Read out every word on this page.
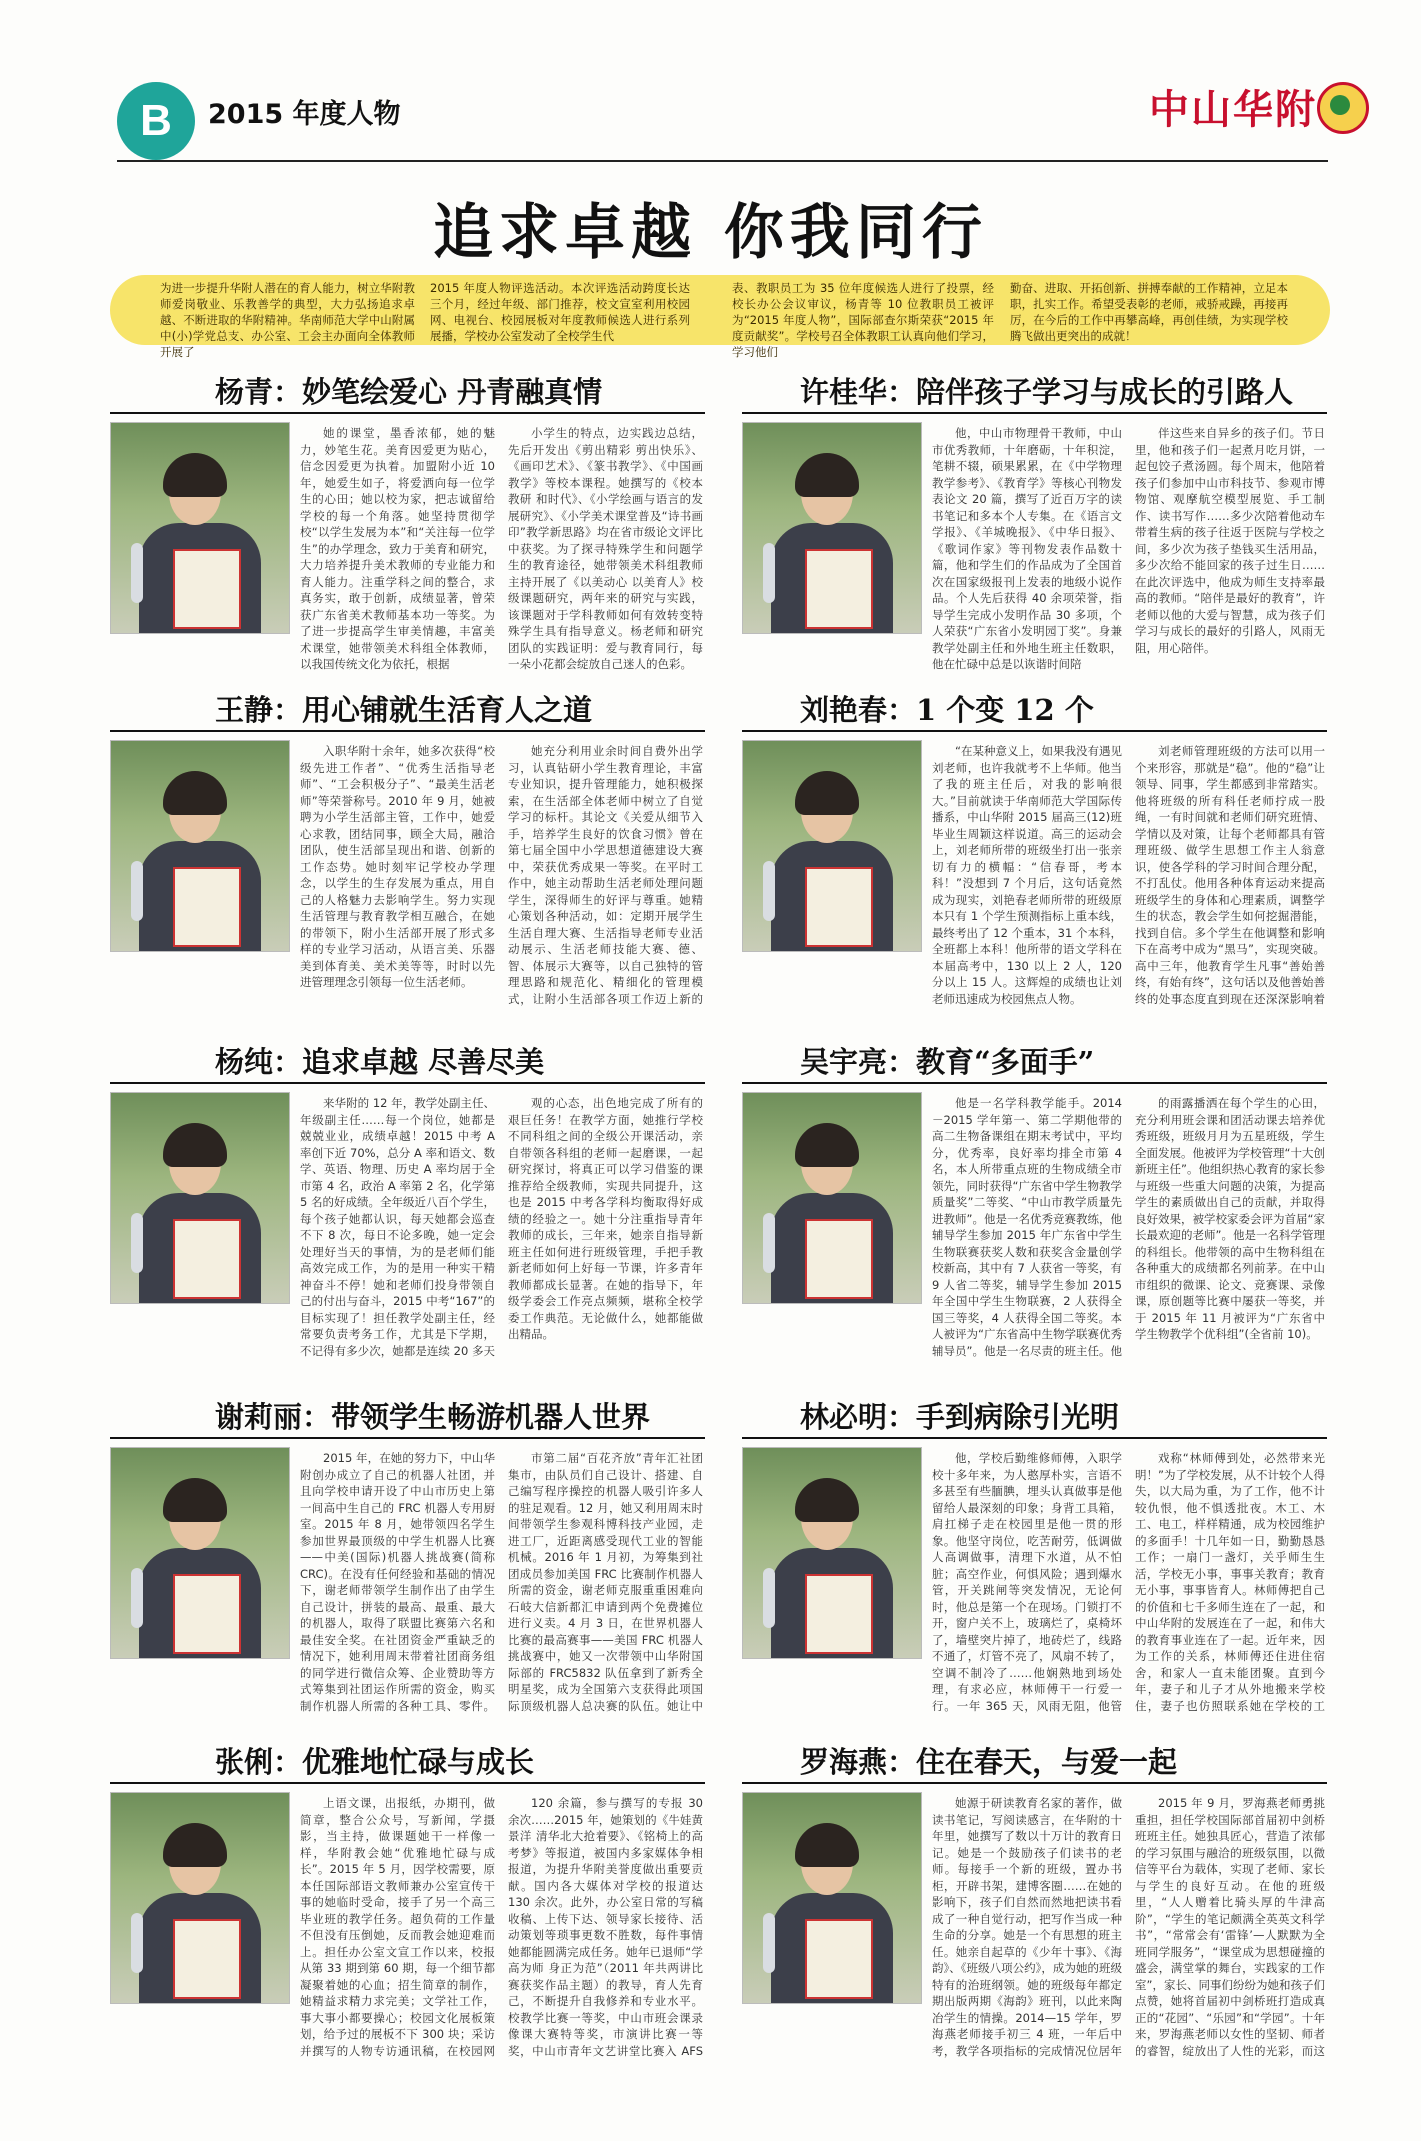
B	2015 年度人物	中山华附
追求卓越 你我同行
为进一步提升华附人潜在的育人能力，树立华附教师爱岗敬业、乐教善学的典型，大力弘扬追求卓越、不断进取的华附精神。华南师范大学中山附属中(小)学党总支、办公室、工会主办面向全体教师开展了
2015 年度人物评选活动。本次评选活动跨度长达三个月，经过年级、部门推荐，校文宣室利用校园网、电视台、校园展板对年度教师候选人进行系列展播，学校办公室发动了全校学生代
表、教职员工为 35 位年度候选人进行了投票，经校长办公会议审议，杨青等 10 位教职员工被评为“2015 年度人物”，国际部查尔斯荣获“2015 年度贡献奖”。学校号召全体教职工认真向他们学习，学习他们
勤奋、进取、开拓创新、拼搏奉献的工作精神，立足本职，扎实工作。希望受表彰的老师，戒骄戒躁，再接再厉，在今后的工作中再攀高峰，再创佳绩，为实现学校腾飞做出更突出的成就！
杨青：妙笔绘爱心 丹青融真情
她的课堂，墨香浓郁，她的魅力，妙笔生花。美育因爱更为贴心，信念因爱更为执着。加盟附小近 10 年，她爱生如子，将爱洒向每一位学生的心田；她以校为家，把志诚留给学校的每一个角落。她坚持贯彻学校“以学生发展为本”和“关注每一位学生”的办学理念，致力于美育和研究，大力培养提升美术教师的专业能力和育人能力。注重学科之间的整合，求真务实，敢于创新，成绩显著，曾荣获广东省美术教师基本功一等奖。为了进一步提高学生审美情趣，丰富美术课堂，她带领美术科组全体教师，以我国传统文化为依托，根据
小学生的特点，边实践边总结，先后开发出《剪出精彩 剪出快乐》、《画印艺术》、《篆书教学》、《中国画教学》等校本课程。她撰写的《校本教研 和时代》、《小学绘画与语言的发展研究》、《小学美术课堂普及“诗书画印”教学新思路》均在省市级论文评比中获奖。为了探寻特殊学生和问题学生的教育途径，她带领美术科组教师主持开展了《以美动心 以美育人》校级课题研究，两年来的研究与实践，该课题对于学科教师如何有效转变特殊学生具有指导意义。杨老师和研究团队的实践证明：爱与教育同行，每一朵小花都会绽放自己迷人的色彩。
许桂华：陪伴孩子学习与成长的引路人
他，中山市物理骨干教师，中山市优秀教师，十年磨砺，十年积淀，笔耕不辍，硕果累累，在《中学物理教学参考》、《教育学》等核心刊物发表论文 20 篇，撰写了近百万字的读书笔记和多本个人专集。在《语言文学报》、《羊城晚报》、《中华日报》、《歌词作家》等刊物发表作品数十篇，他和学生们的作品成为了全国首次在国家级报刊上发表的地级小说作品。个人先后获得 40 余项荣誉，指导学生完成小发明作品 30 多项，个人荣获“广东省小发明园丁奖”。身兼教学处副主任和外地生班主任数职，他在忙碌中总是以诙谐时间陪
伴这些来自异乡的孩子们。节日里，他和孩子们一起煮月吃月饼，一起包饺子煮汤圆。每个周末，他陪着孩子们参加中山市科技节、参观市博物馆、观摩航空模型展览、手工制作、读书写作……多少次陪着他动车带着生病的孩子往返于医院与学校之间，多少次为孩子垫钱买生活用品，多少次给不能回家的孩子过生日……在此次评选中，他成为师生支持率最高的教师。“陪伴是最好的教育”，许老师以他的大爱与智慧，成为孩子们学习与成长的最好的引路人，风雨无阻，用心陪伴。
王静：用心铺就生活育人之道
入职华附十余年，她多次获得“校级先进工作者”、“优秀生活指导老师”、“工会积极分子”、“最美生活老师”等荣誉称号。2010 年 9 月，她被聘为小学生活部主管，工作中，她爱心求教，团结同事，顾全大局，融洽团队，使生活部呈现出和谐、创新的工作态势。她时刻牢记学校办学理念，以学生的生存发展为重点，用自己的人格魅力去影响学生。努力实现生活管理与教育教学相互融合，在她的带领下，附小生活部开展了形式多样的专业学习活动，从语言美、乐器美到体育美、美术美等等，时时以先进管理理念引领每一位生活老师。
她充分利用业余时间自费外出学习，认真钻研小学生教育理论，丰富专业知识，提升管理能力，她积极探索，在生活部全体老师中树立了自觉学习的标杆。其论文《关爱从细节入手，培养学生良好的饮食习惯》曾在第七届全国中小学思想道德建设大赛中，荣获优秀成果一等奖。在平时工作中，她主动帮助生活老师处理问题学生，深得师生的好评与尊重。她精心策划各种活动，如：定期开展学生生活自理大赛、生活指导老师专业活动展示、生活老师技能大赛、德、智、体展示大赛等，以自己独特的管理思路和规范化、精细化的管理模式，让附小生活部各项工作迈上新的
刘艳春：1 个变 12 个
“在某种意义上，如果我没有遇见刘老师，也许我就考不上华师。他当了我的班主任后，对我的影响很大。”目前就读于华南师范大学国际传播系，中山华附 2015 届高三(12)班毕业生周颖这样说道。高三的运动会上，刘老师所带的班级坐打出一张亲切有力的横幅：“信春哥，考本科！”没想到 7 个月后，这句话竟然成为现实，刘艳春老师所带的班级原本只有 1 个学生预测指标上重本线，最终考出了 12 个重本，31 个本科，全班都上本科！他所带的语文学科在本届高考中，130 以上 2 人，120 分以上 15 人。这辉煌的成绩也让刘老师迅速成为校园焦点人物。
刘老师管理班级的方法可以用一个来形容，那就是“稳”。他的“稳”让领导、同事，学生都感到非常踏实。他将班级的所有科任老师拧成一股绳，一有时间就和老师们研究班情、学情以及对策，让每个老师都具有管理班级、做学生思想工作主人翁意识，使各学科的学习时间合理分配，不打乱仗。他用各种体育运动来提高班级学生的身体和心理素质，调整学生的状态，教会学生如何挖掘潜能，找到自信。多个学生在他调整和影响下在高考中成为“黑马”，实现突破。高中三年，他教育学生凡事“善始善终，有始有终”，这句话以及他善始善终的处事态度直到现在还深深影响着
杨纯：追求卓越 尽善尽美
来华附的 12 年，教学处副主任、年级副主任……每一个岗位，她都是兢兢业业，成绩卓越！2015 中考 A 率创下近 70%，总分 A 率和语文、数学、英语、物理、历史 A 率均居于全市第 4 名，政治 A 率第 2 名，化学第 5 名的好成绩。全年级近八百个学生，每个孩子她都认识，每天她都会巡查不下 8 次，每日不论多晚，她一定会处理好当天的事情，为的是老师们能高效完成工作，为的是用一种实干精神奋斗不停！她和老师们投身带领自己的付出与奋斗，2015 中考“167”的目标实现了！担任教学处副主任，经常要负责考务工作，尤其是下学期，不记得有多少次，她都是连续 20 多天
观的心态，出色地完成了所有的艰巨任务！在教学方面，她推行学校不同科组之间的全级公开课活动，亲自带领各科组的老师一起磨课，一起研究探讨，将真正可以学习借鉴的课推荐给全级教师，实现共同提升，这也是 2015 中考各学科均衡取得好成绩的经验之一。她十分注重指导青年教师的成长，三年来，她亲自指导新班主任如何进行班级管理，手把手教新老师如何上好每一节课，许多青年教师都成长显著。在她的指导下，年级学委会工作亮点频频，堪称全校学委工作典范。无论做什么，她都能做出精品。
吴宇亮：教育“多面手”
他是一名学科教学能手。2014－2015 学年第一、第二学期他带的高二生物备课组在期末考试中，平均分，优秀率，良好率均排全市第 4 名，本人所带重点班的生物成绩全市领先，同时获得“广东省中学生物教学质量奖”二等奖、“中山市教学质量先进教师”。他是一名优秀竞赛教练，他辅导学生参加 2015 年广东省中学生生物联赛获奖人数和获奖含金量创学校新高，其中有 7 人获省一等奖，有 9 人省二等奖，辅导学生参加 2015 年全国中学生生物联赛，2 人获得全国三等奖，4 人获得全国二等奖。本人被评为“广东省高中生物学联赛优秀辅导员”。他是一名尽责的班主任。他
的雨露播洒在每个学生的心田，充分利用班会课和团活动课去培养优秀班级，班级月月为五星班级，学生全面发展。他被评为学校管理“十大创新班主任”。他组织热心教育的家长参与班级一些重大问题的决策，为提高学生的素质做出自己的贡献，并取得良好效果，被学校家委会评为首届“家长最欢迎的老师”。他是一名科学管理的科组长。他带领的高中生物科组在各种重大的成绩都名列前茅。在中山市组织的微课、论文、竞赛课、录像课，原创题等比赛中屡获一等奖，并于 2015 年 11 月被评为“广东省中学生物教学个优科组”(全省前 10)。
谢莉丽：带领学生畅游机器人世界
2015 年，在她的努力下，中山华附创办成立了自己的机器人社团，并且向学校申请开设了中山市历史上第一间高中生自己的 FRC 机器人专用厨室。2015 年 8 月，她带领四名学生参加世界最顶级的中学生机器人比赛——中美(国际)机器人挑战赛(简称 CRC)。在没有任何经验和基础的情况下，谢老师带领学生制作出了由学生自己设计，拼装的最高、最重、最大的机器人，取得了联盟比赛第六名和最佳安全奖。在社团资金严重缺乏的情况下，她利用周末带着社团商务组的同学进行微信众筹、企业赞助等方式筹集到社团运作所需的资金，购买制作机器人所需的各种工具、零件。
市第二届“百花齐放”青年汇社团集市，由队员们自己设计、搭建、自己编写程序操控的机器人吸引许多人的驻足观看。12 月，她又利用周末时间带领学生参观科博科技产业园，走进工厂，近距离感受现代工业的智能机械。2016 年 1 月初，为筹集到社团成员参加美国 FRC 比赛制作机器人所需的资金，谢老师克服重重困难向石岐大信新都汇申请到两个免费摊位进行义卖。4 月 3 日，在世界机器人比赛的最高赛事——美国 FRC 机器人挑战赛中，她又一次带领中山华附国际部的 FRC5832 队伍拿到了新秀全明星奖，成为全国第六支获得此项国际顶级机器人总决赛的队伍。她让中
林必明：手到病除引光明
他，学校后勤维修师傅，入职学校十多年来，为人憨厚朴实，言语不多甚至有些腼腆，埋头认真做事是他留给人最深刻的印象；身背工具箱，肩扛梯子走在校园里是他一贯的形象。他坚守岗位，吃苦耐劳，低调做人高调做事，清理下水道，从不怕脏；高空作业，何惧风险；遇到爆水管，开关跳闸等突发情况，无论何时，他总是第一个在现场。门锁打不开，窗户关不上，玻璃烂了，桌椅坏了，墙壁突片掉了，地砖烂了，线路不通了，灯管不亮了，风扇不转了，空调不制冷了……他娴熟地到场处理，有求必应，林师傅干一行爱一行。一年 365 天，风雨无阻，他管
戏称“林师傅到处，必然带来光明！”为了学校发展，从不计较个人得失，以大局为重，为了工作，他不计较仇恨，他不惧透批夜。木工、木工、电工，样样精通，成为校园维护的多面手！十几年如一日，勤勤恳恳工作；一扇门一盏灯，关乎师生生活，学校无小事，事事关教育；教育无小事，事事皆育人。林师傅把自己的价值和七千多师生连在了一起，和中山华附的发展连在了一起，和伟大的教育事业连在了一起。近年来，因为工作的关系，林师傅还住进住宿舍，和家人一直未能团聚。直到今年，妻子和儿子才从外地搬来学校住，妻子也仿照联系她在学校的工
张俐：优雅地忙碌与成长
上语文课，出报纸，办期刊，做简章，整合公众号，写新闻，学摄影，当主持，做课题她干一样像一样，华附教会她“优雅地忙碌与成长”。2015 年 5 月，因学校需要，原本任国际部语文教师兼办公室宣传干事的她临时受命，接手了另一个高三毕业班的教学任务。超负荷的工作量不但没有压倒她，反而教会她迎难而上。担任办公室文宣工作以来，校报从第 33 期到第 60 期，每一个细节都凝聚着她的心血；招生简章的制作，她精益求精力求完美；文学社工作，事大事小都要操心；校园文化展板策划，给予过的展板不下 300 块；采访并撰写的人物专访通讯稿，在校园网
120 余篇，参与撰写的专报 30 余次……2015 年，她策划的《牛娃黄景洋 清华北大抢着要》、《铭椅上的高考梦》等报道，被国内多家媒体争相报道，为提升华附美誉度做出重要贡献。国内各大媒体对学校的报道达 130 余次。此外，办公室日常的写稿收稿、上传下达、领导家长接待、活动策划等琐事更数不胜数，每件事情她都能圆满完成任务。她年已退师“学高为师 身正为范”（2011 年共两讲比赛获奖作品主题）的教导，育人先育己，不断提升自我修养和专业水平。校教学比赛一等奖，中山市班会课录像课大赛特等奖，市演讲比赛一等奖，中山市青年文艺讲堂比赛入 AFS
罗海燕：住在春天，与爱一起
她源于研读教育名家的著作，做读书笔记，写阅读感言，在华附的十年里，她撰写了数以十万计的教育日记。她是一个鼓励孩子们读书的老师。每接手一个新的班级，置办书柜，开辟书架，建博客圈……在她的影响下，孩子们自然而然地把读书看成了一种自觉行动，把写作当成一种生命的分享。她是一个有思想的班主任。她亲自起草的《少年十事》、《海韵》、《班级八项公约》，成为她的班级特有的治班纲领。她的班级每年都定期出版两期《海韵》班刊，以此来陶冶学生的情操。2014—15 学年，罗海燕老师接手初三 4 班，一年后中考，教学各项指标的完成情况位居年
2015 年 9 月，罗海燕老师勇挑重担，担任学校国际部首届初中剑桥班班主任。她独具匠心，营造了浓郁的学习氛围与融洽的班级氛围，以微信等平台为载体，实现了老师、家长与学生的良好互动。在他的班级里，“人人赠着比骑头厚的牛津高阶”，“学生的笔记颇满全英英文科学书”，“常常会有‘雷锋’—人默默为全班同学服务”，“课堂成为思想碰撞的盛会，满堂掌的舞台，实践家的工作室”，家长、同事们纷纷为她和孩子们点赞，她将首届初中剑桥班打造成真正的“花园”、“乐园”和“学园”。十年来，罗海燕老师以女性的坚韧、师者的睿智，绽放出了人性的光彩，而这
